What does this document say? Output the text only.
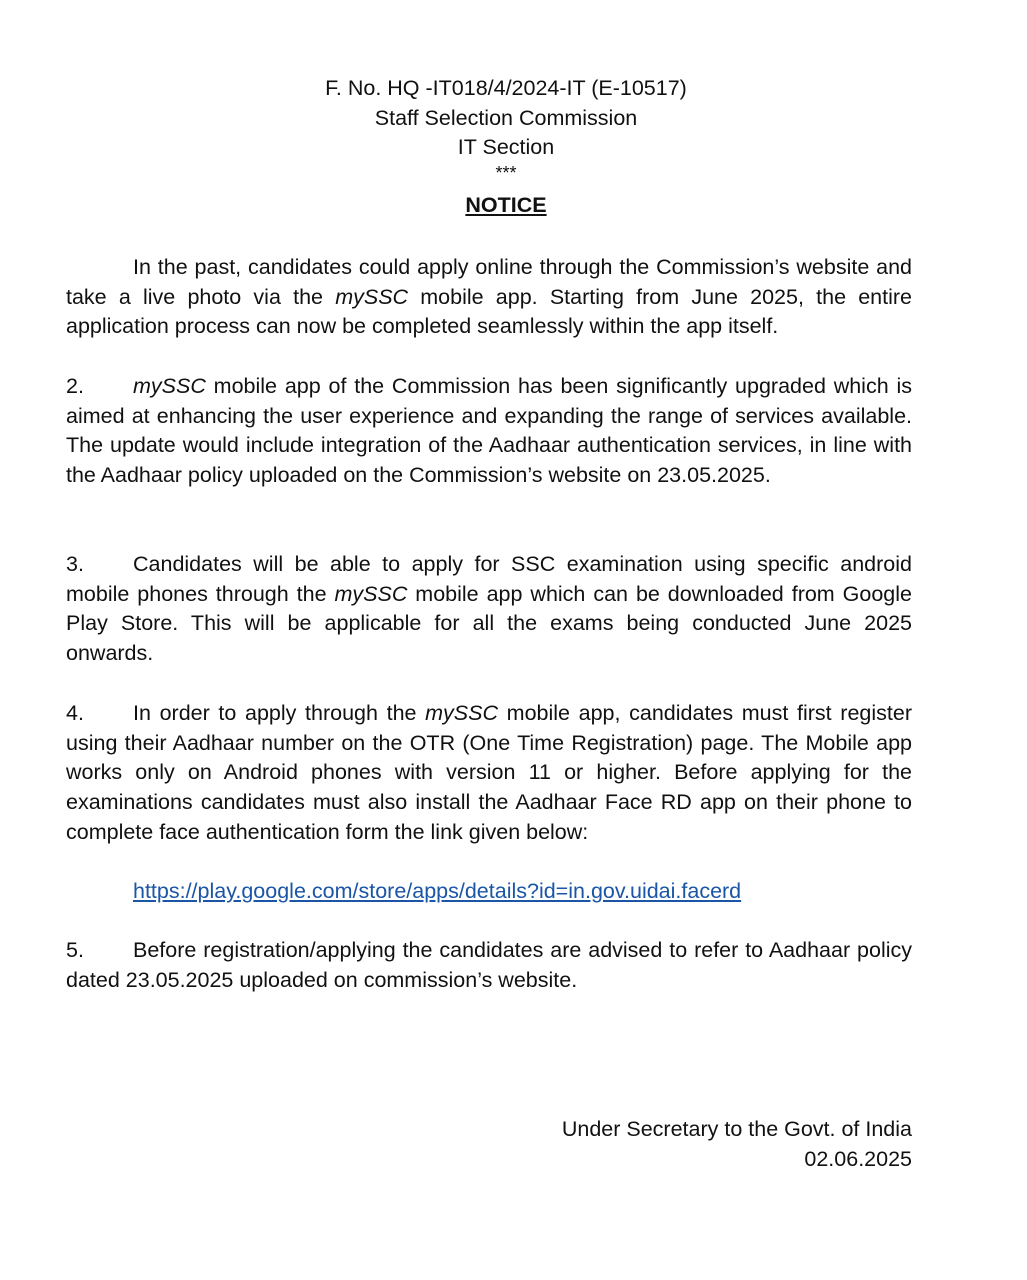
F. No. HQ -IT018/4/2024-IT (E-10517)
Staff Selection Commission
IT Section
***
NOTICE
In the past, candidates could apply online through the Commission’s website and take a live photo via the mySSC mobile app. Starting from June 2025, the entire application process can now be completed seamlessly within the app itself.
2. mySSC mobile app of the Commission has been significantly upgraded which is aimed at enhancing the user experience and expanding the range of services available. The update would include integration of the Aadhaar authentication services, in line with the Aadhaar policy uploaded on the Commission’s website on 23.05.2025.
3. Candidates will be able to apply for SSC examination using specific android mobile phones through the mySSC mobile app which can be downloaded from Google Play Store. This will be applicable for all the exams being conducted June 2025 onwards.
4. In order to apply through the mySSC mobile app, candidates must first register using their Aadhaar number on the OTR (One Time Registration) page. The Mobile app works only on Android phones with version 11 or higher. Before applying for the examinations candidates must also install the Aadhaar Face RD app on their phone to complete face authentication form the link given below:
https://play.google.com/store/apps/details?id=in.gov.uidai.facerd
5. Before registration/applying the candidates are advised to refer to Aadhaar policy dated 23.05.2025 uploaded on commission’s website.
Under Secretary to the Govt. of India
02.06.2025
